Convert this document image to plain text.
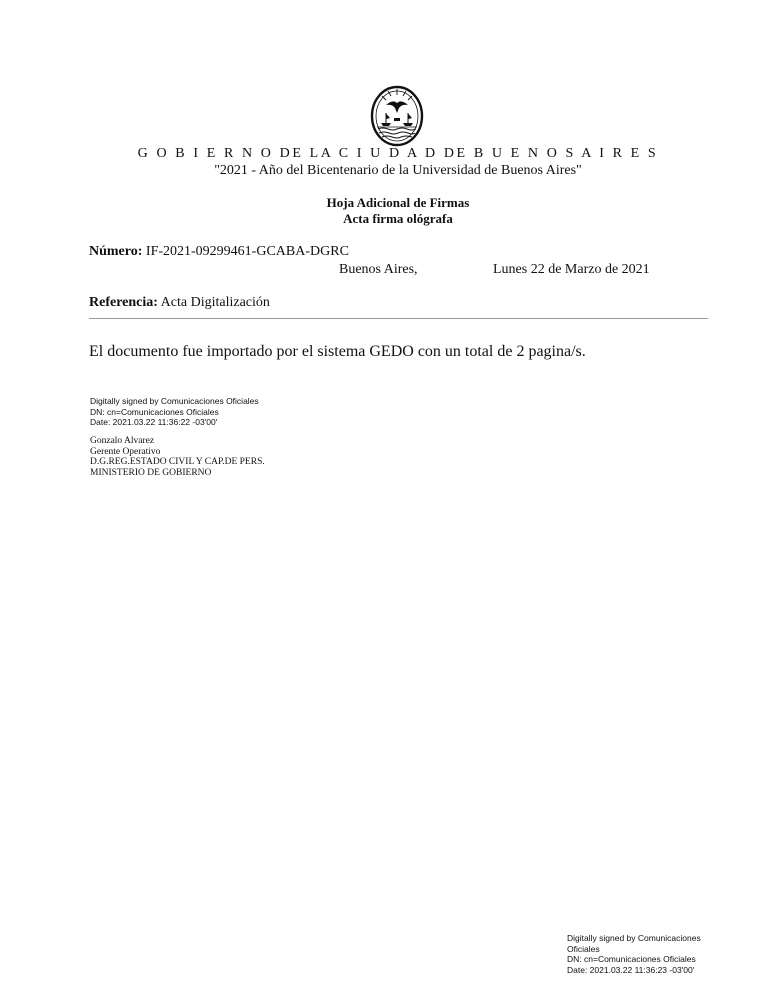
G O B I E R N O DE LA C I U D A D DE B U E N O S A I R E S
"2021 - Año del Bicentenario de la Universidad de Buenos Aires"
Hoja Adicional de Firmas
Acta firma ológrafa
Número: IF-2021-09299461-GCABA-DGRC
Buenos Aires,	Lunes 22 de Marzo de 2021
Referencia: Acta Digitalización
El documento fue importado por el sistema GEDO con un total de 2 pagina/s.
Digitally signed by Comunicaciones Oficiales
DN: cn=Comunicaciones Oficiales
Date: 2021.03.22 11:36:22 -03'00'
Gonzalo Alvarez
Gerente Operativo
D.G.REG.ESTADO CIVIL Y CAP.DE PERS.
MINISTERIO DE GOBIERNO
Digitally signed by Comunicaciones
Oficiales
DN: cn=Comunicaciones Oficiales
Date: 2021.03.22 11:36:23 -03'00'
